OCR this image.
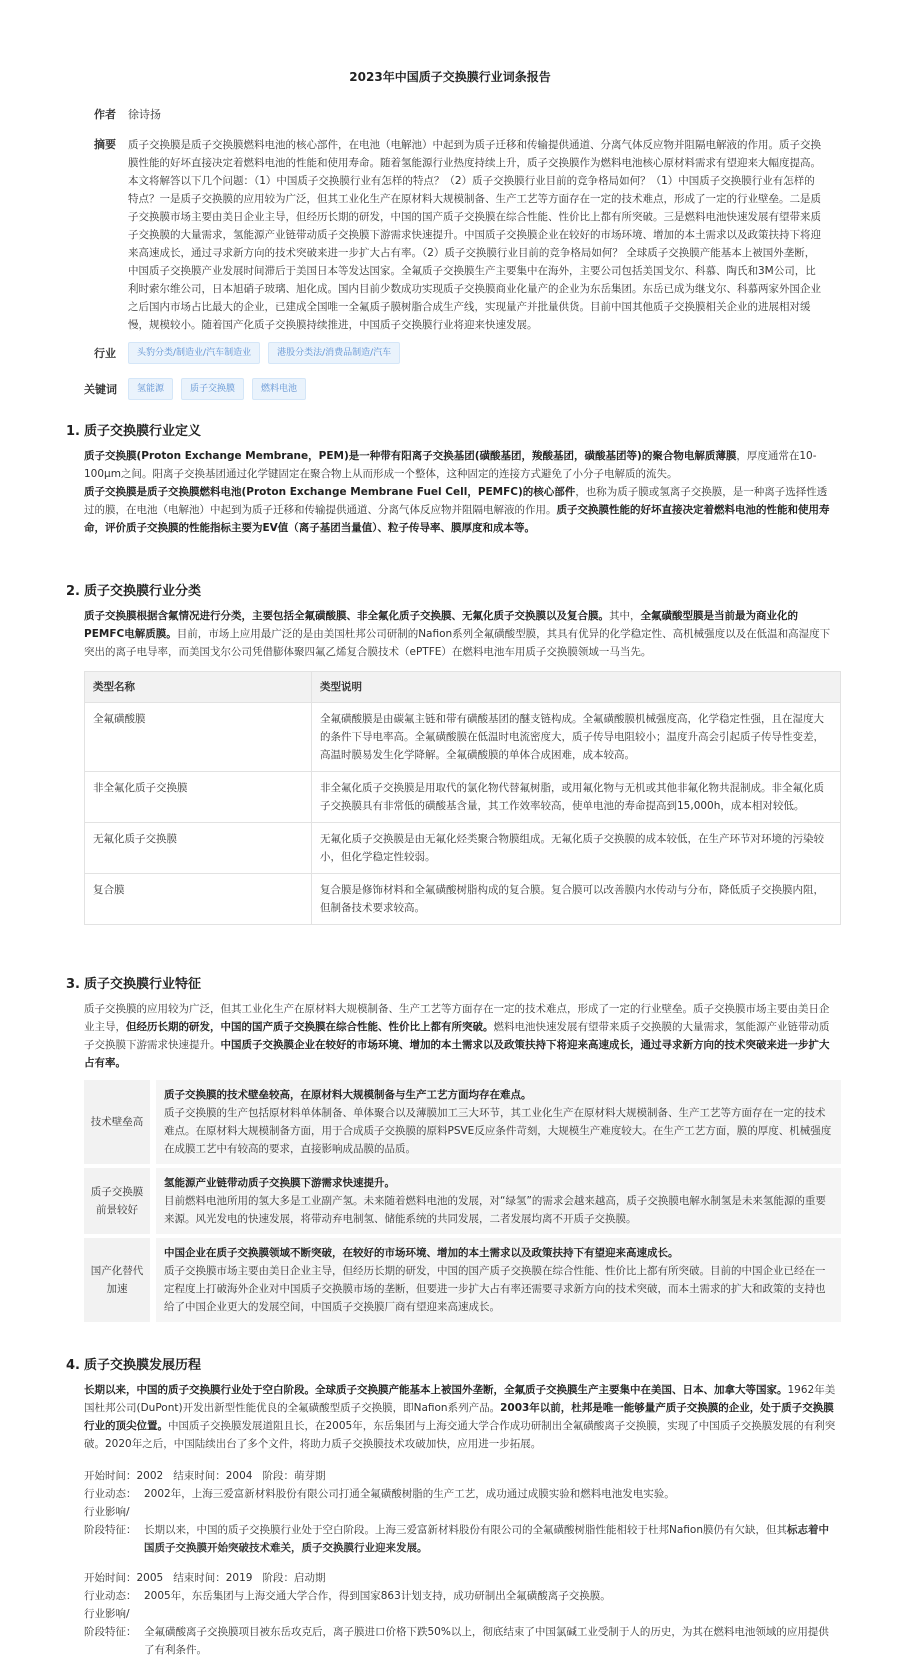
2023年中国质子交换膜行业词条报告
作者	徐诗扬
摘要	质子交换膜是质子交换膜燃料电池的核心部件，在电池（电解池）中起到为质子迁移和传输提供通道、分离气体反应物并阻隔电解液的作用。质子交换膜性能的好坏直接决定着燃料电池的性能和使用寿命。随着氢能源行业热度持续上升，质子交换膜作为燃料电池核心原材料需求有望迎来大幅度提高。本文将解答以下几个问题：（1）中国质子交换膜行业有怎样的特点？（2）质子交换膜行业目前的竞争格局如何？（1）中国质子交换膜行业有怎样的特点？一是质子交换膜的应用较为广泛，但其工业化生产在原材料大规模制备、生产工艺等方面存在一定的技术难点，形成了一定的行业壁垒。二是质子交换膜市场主要由美日企业主导，但经历长期的研发，中国的国产质子交换膜在综合性能、性价比上都有所突破。三是燃料电池快速发展有望带来质子交换膜的大量需求，氢能源产业链带动质子交换膜下游需求快速提升。中国质子交换膜企业在较好的市场环境、增加的本土需求以及政策扶持下将迎来高速成长，通过寻求新方向的技术突破来进一步扩大占有率。（2）质子交换膜行业目前的竞争格局如何？ 全球质子交换膜产能基本上被国外垄断，中国质子交换膜产业发展时间滞后于美国日本等发达国家。全氟质子交换膜生产主要集中在海外，主要公司包括美国戈尔、科慕、陶氏和3M公司，比利时索尔维公司，日本旭硝子玻璃、旭化成。国内目前少数成功实现质子交换膜商业化量产的企业为东岳集团。东岳已成为继戈尔、科慕两家外国企业之后国内市场占比最大的企业，已建成全国唯一全氟质子膜树脂合成生产线，实现量产并批量供货。目前中国其他质子交换膜相关企业的进展相对缓慢，规模较小。随着国产化质子交换膜持续推进，中国质子交换膜行业将迎来快速发展。
行业	头豹分类/制造业/汽车制造业	港股分类法/消费品制造/汽车
关键词	氢能源	质子交换膜	燃料电池
1. 质子交换膜行业定义
质子交换膜(Proton Exchange Membrane，PEM)是一种带有阳离子交换基团(磺酸基团，羧酸基团，磺酸基团等)的聚合物电解质薄膜，厚度通常在10-100μm之间。阳离子交换基团通过化学键固定在聚合物上从而形成一个整体，这种固定的连接方式避免了小分子电解质的流失。
质子交换膜是质子交换膜燃料电池(Proton Exchange Membrane Fuel Cell，PEMFC)的核心部件，也称为质子膜或氢离子交换膜，是一种离子选择性透过的膜，在电池（电解池）中起到为质子迁移和传输提供通道、分离气体反应物并阻隔电解液的作用。质子交换膜性能的好坏直接决定着燃料电池的性能和使用寿命，评价质子交换膜的性能指标主要为EV值（离子基团当量值）、粒子传导率、膜厚度和成本等。
2. 质子交换膜行业分类
质子交换膜根据含氟情况进行分类，主要包括全氟磺酸膜、非全氟化质子交换膜、无氟化质子交换膜以及复合膜。其中，全氟磺酸型膜是当前最为商业化的PEMFC电解质膜。目前，市场上应用最广泛的是由美国杜邦公司研制的Nafion系列全氟磺酸型膜，其具有优异的化学稳定性、高机械强度以及在低温和高湿度下突出的离子电导率，而美国戈尔公司凭借膨体聚四氟乙烯复合膜技术（ePTFE）在燃料电池车用质子交换膜领域一马当先。
类型名称	类型说明
全氟磺酸膜	全氟磺酸膜是由碳氟主链和带有磺酸基团的醚支链构成。全氟磺酸膜机械强度高，化学稳定性强，且在湿度大的条件下导电率高。全氟磺酸膜在低温时电流密度大，质子传导电阻较小；温度升高会引起质子传导性变差，高温时膜易发生化学降解。全氟磺酸膜的单体合成困难，成本较高。
非全氟化质子交换膜	非全氟化质子交换膜是用取代的氯化物代替氟树脂，或用氟化物与无机或其他非氟化物共混制成。非全氟化质子交换膜具有非常低的磺酸基含量，其工作效率较高，使单电池的寿命提高到15,000h，成本相对较低。
无氟化质子交换膜	无氟化质子交换膜是由无氟化烃类聚合物膜组成。无氟化质子交换膜的成本较低，在生产环节对环境的污染较小，但化学稳定性较弱。
复合膜	复合膜是修饰材料和全氟磺酸树脂构成的复合膜。复合膜可以改善膜内水传动与分布，降低质子交换膜内阻，但制备技术要求较高。
3. 质子交换膜行业特征
质子交换膜的应用较为广泛，但其工业化生产在原材料大规模制备、生产工艺等方面存在一定的技术难点，形成了一定的行业壁垒。质子交换膜市场主要由美日企业主导，但经历长期的研发，中国的国产质子交换膜在综合性能、性价比上都有所突破。燃料电池快速发展有望带来质子交换膜的大量需求，氢能源产业链带动质子交换膜下游需求快速提升。中国质子交换膜企业在较好的市场环境、增加的本土需求以及政策扶持下将迎来高速成长，通过寻求新方向的技术突破来进一步扩大占有率。
技术壁垒高
质子交换膜的技术壁垒较高，在原材料大规模制备与生产工艺方面均存在难点。
质子交换膜的生产包括原材料单体制备、单体聚合以及薄膜加工三大环节，其工业化生产在原材料大规模制备、生产工艺等方面存在一定的技术难点。在原材料大规模制备方面，用于合成质子交换膜的原料PSVE反应条件苛刻，大规模生产难度较大。在生产工艺方面，膜的厚度、机械强度在成膜工艺中有较高的要求，直接影响成品膜的品质。
质子交换膜前景较好
氢能源产业链带动质子交换膜下游需求快速提升。
目前燃料电池所用的氢大多是工业副产氢。未来随着燃料电池的发展，对“绿氢”的需求会越来越高，质子交换膜电解水制氢是未来氢能源的重要来源。风光发电的快速发展，将带动弃电制氢、储能系统的共同发展，二者发展均离不开质子交换膜。
国产化替代加速
中国企业在质子交换膜领域不断突破，在较好的市场环境、增加的本土需求以及政策扶持下有望迎来高速成长。
质子交换膜市场主要由美日企业主导，但经历长期的研发，中国的国产质子交换膜在综合性能、性价比上都有所突破。目前的中国企业已经在一定程度上打破海外企业对中国质子交换膜市场的垄断，但要进一步扩大占有率还需要寻求新方向的技术突破，而本土需求的扩大和政策的支持也给了中国企业更大的发展空间，中国质子交换膜厂商有望迎来高速成长。
4. 质子交换膜发展历程
长期以来，中国的质子交换膜行业处于空白阶段。全球质子交换膜产能基本上被国外垄断，全氟质子交换膜生产主要集中在美国、日本、加拿大等国家。1962年美国杜邦公司(DuPont)开发出新型性能优良的全氟磺酸型质子交换膜，即Nafion系列产品。2003年以前，杜邦是唯一能够量产质子交换膜的企业，处于质子交换膜行业的顶尖位置。中国质子交换膜发展道阻且长，在2005年，东岳集团与上海交通大学合作成功研制出全氟磺酸离子交换膜，实现了中国质子交换膜发展的有利突破。2020年之后，中国陆续出台了多个文件，将助力质子交换膜技术攻破加快，应用进一步拓展。
开始时间：2002 结束时间：2004 阶段：萌芽期
行业动态： 2002年，上海三爱富新材料股份有限公司打通全氟磺酸树脂的生产工艺，成功通过成膜实验和燃料电池发电实验。
行业影响/
阶段特征： 长期以来，中国的质子交换膜行业处于空白阶段。上海三爱富新材料股份有限公司的全氟磺酸树脂性能相较于杜邦Nafion膜仍有欠缺，但其标志着中国质子交换膜开始突破技术难关，质子交换膜行业迎来发展。
开始时间：2005 结束时间：2019 阶段：启动期
行业动态： 2005年，东岳集团与上海交通大学合作，得到国家863计划支持，成功研制出全氟磺酸离子交换膜。
行业影响/
阶段特征： 全氟磺酸离子交换膜项目被东岳攻克后，离子膜进口价格下跌50%以上，彻底结束了中国氯碱工业受制于人的历史，为其在燃料电池领域的应用提供了有利条件。
